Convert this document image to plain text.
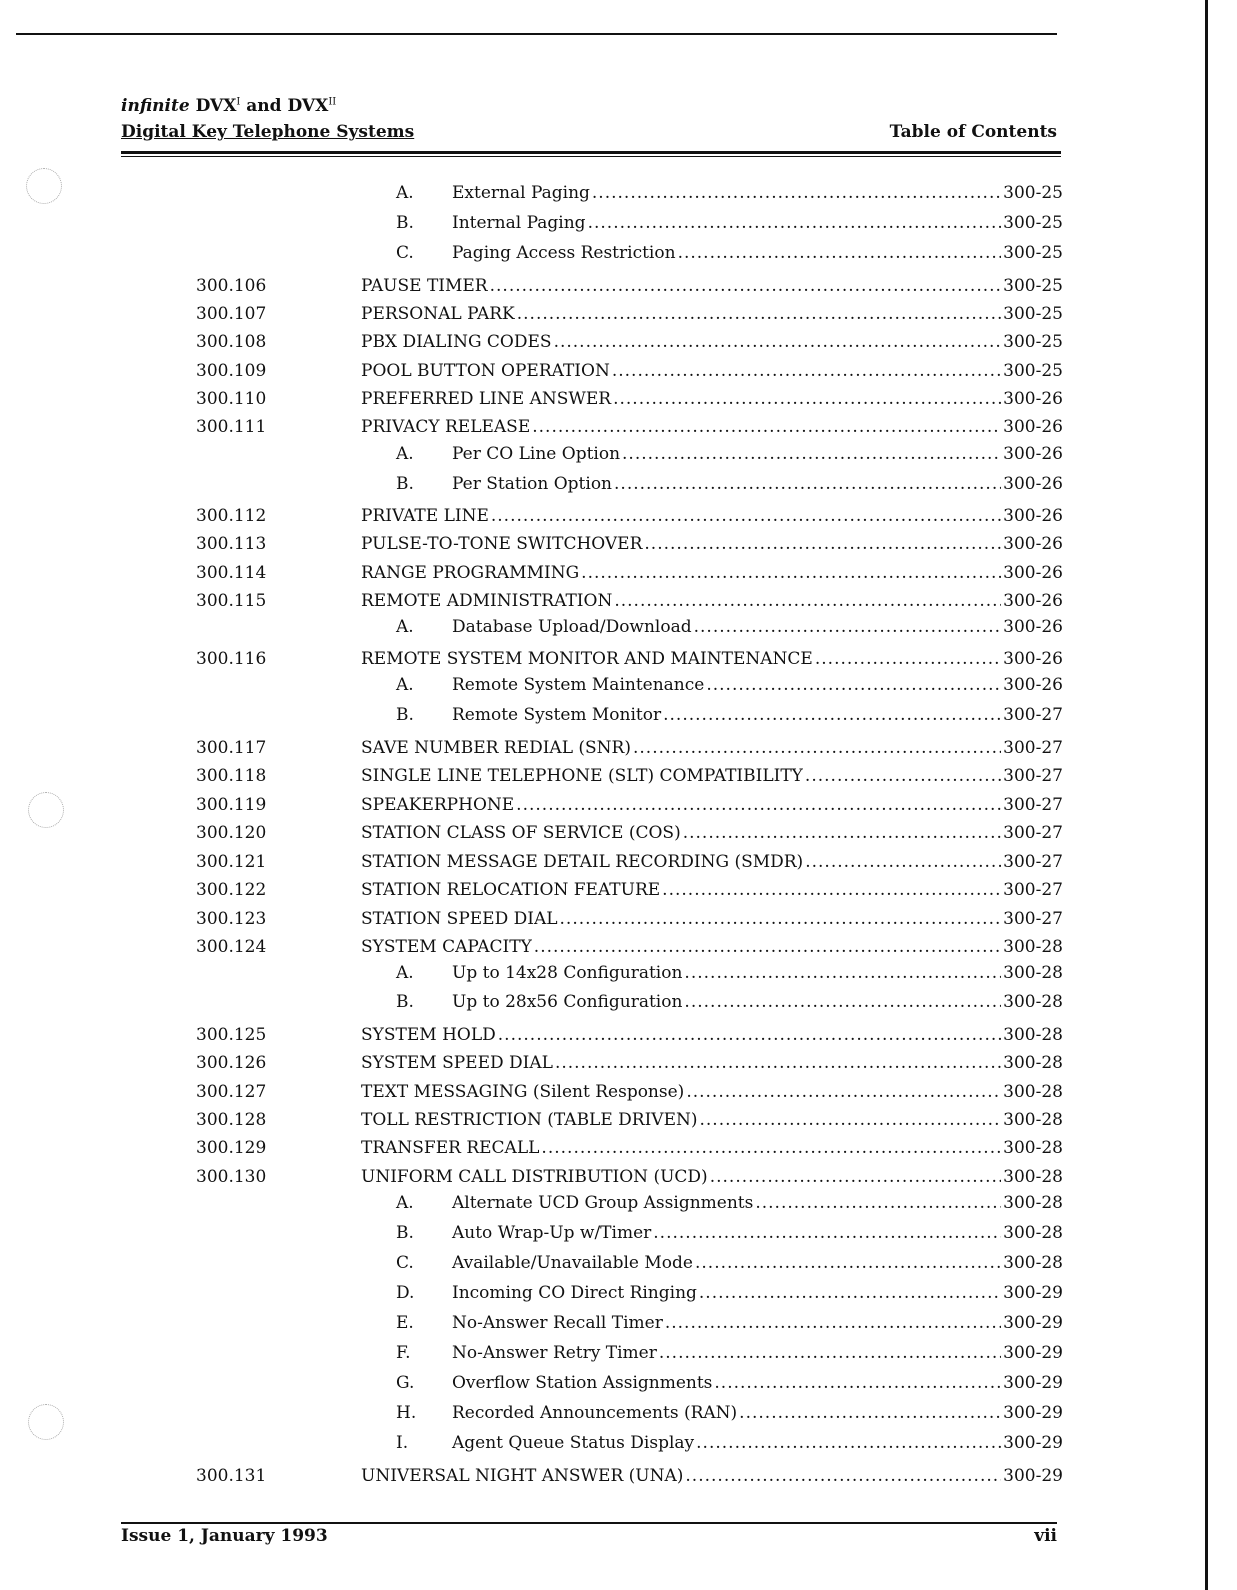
infinite $DVX^I$ and $DVX^{II}$
Digital Key Telephone Systems	Table of Contents
A. External Paging .....	300-25
B. Internal Paging .....	300-25
C. Paging Access Restriction .....	300-25
300.106	PAUSE TIMER .....	300-25
300.107	PERSONAL PARK .....	300-25
300.108	PBX DIALING CODES .....	300-25
300.109	POOL BUTTON OPERATION .....	300-25
300.110	PREFERRED LINE ANSWER .....	300-26
300.111	PRIVACY RELEASE .....	300-26
A. Per CO Line Option .....	300-26
B. Per Station Option .....	300-26
300.112	PRIVATE LINE .....	300-26
300.113	PULSE-TO-TONE SWITCHOVER .....	300-26
300.114	RANGE PROGRAMMING .....	300-26
300.115	REMOTE ADMINISTRATION .....	300-26
A. Database Upload/Download .....	300-26
300.116	REMOTE SYSTEM MONITOR AND MAINTENANCE .....	300-26
A. Remote System Maintenance .....	300-26
B. Remote System Monitor .....	300-27
300.117	SAVE NUMBER REDIAL (SNR) .....	300-27
300.118	SINGLE LINE TELEPHONE (SLT) COMPATIBILITY .....	300-27
300.119	SPEAKERPHONE .....	300-27
300.120	STATION CLASS OF SERVICE (COS) .....	300-27
300.121	STATION MESSAGE DETAIL RECORDING (SMDR) .....	300-27
300.122	STATION RELOCATION FEATURE .....	300-27
300.123	STATION SPEED DIAL .....	300-27
300.124	SYSTEM CAPACITY .....	300-28
A. Up to 14x28 Configuration .....	300-28
B. Up to 28x56 Configuration .....	300-28
300.125	SYSTEM HOLD .....	300-28
300.126	SYSTEM SPEED DIAL .....	300-28
300.127	TEXT MESSAGING (Silent Response) .....	300-28
300.128	TOLL RESTRICTION (TABLE DRIVEN) .....	300-28
300.129	TRANSFER RECALL .....	300-28
300.130	UNIFORM CALL DISTRIBUTION (UCD) .....	300-28
A. Alternate UCD Group Assignments .....	300-28
B. Auto Wrap-Up w/Timer .....	300-28
C. Available/Unavailable Mode .....	300-28
D. Incoming CO Direct Ringing .....	300-29
E. No-Answer Recall Timer .....	300-29
F. No-Answer Retry Timer .....	300-29
G. Overflow Station Assignments .....	300-29
H. Recorded Announcements (RAN) .....	300-29
I.	Agent Queue Status Display .....	300-29
300.131	UNIVERSAL NIGHT ANSWER (UNA) .....	300-29
Issue 1, January 1993	vii
